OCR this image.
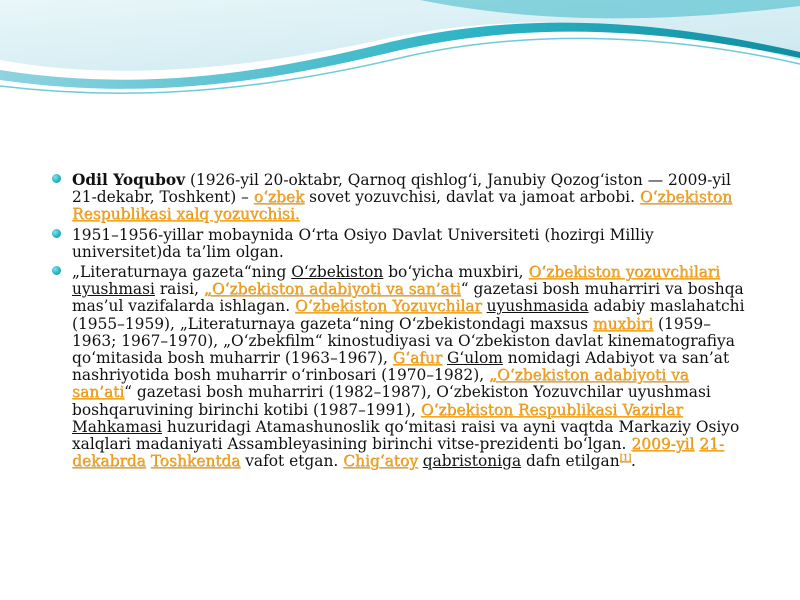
Odil Yoqubov (1926-yil 20-oktabr, Qarnoq qishlog‘i, Janubiy Qozog‘iston — 2009-yil 21-dekabr, Toshkent) – o‘zbek sovet yozuvchisi, davlat va jamoat arbobi. O‘zbekiston Respublikasi xalq yozuvchisi.
1951–1956-yillar mobaynida O‘rta Osiyo Davlat Universiteti (hozirgi Milliy universitet)da ta’lim olgan.
„Literaturnaya gazeta“ning O‘zbekiston bo‘yicha muxbiri, O‘zbekiston yozuvchilari uyushmasi raisi, „O‘zbekiston adabiyoti va san’ati“ gazetasi bosh muharriri va boshqa mas’ul vazifalarda ishlagan. O‘zbekiston Yozuvchilar uyushmasida adabiy maslahatchi (1955–1959), „Literaturnaya gazeta“ning O‘zbekistondagi maxsus muxbiri (1959–1963; 1967–1970), „O‘zbekfilm“ kinostudiyasi va O‘zbekiston davlat kinematografiya qo‘mitasida bosh muharrir (1963–1967), G‘afur G‘ulom nomidagi Adabiyot va san’at nashriyotida bosh muharrir o‘rinbosari (1970–1982), „O‘zbekiston adabiyoti va san’ati“ gazetasi bosh muharriri (1982–1987), O‘zbekiston Yozuvchilar uyushmasi boshqaruvining birinchi kotibi (1987–1991), O‘zbekiston Respublikasi Vazirlar Mahkamasi huzuridagi Atamashunoslik qo‘mitasi raisi va ayni vaqtda Markaziy Osiyo xalqlari madaniyati Assambleyasining birinchi vitse-prezidenti bo‘lgan. 2009-yil 21-dekabrda Toshkentda vafot etgan. Chig‘atoy qabristoniga dafn etilgan[1].
